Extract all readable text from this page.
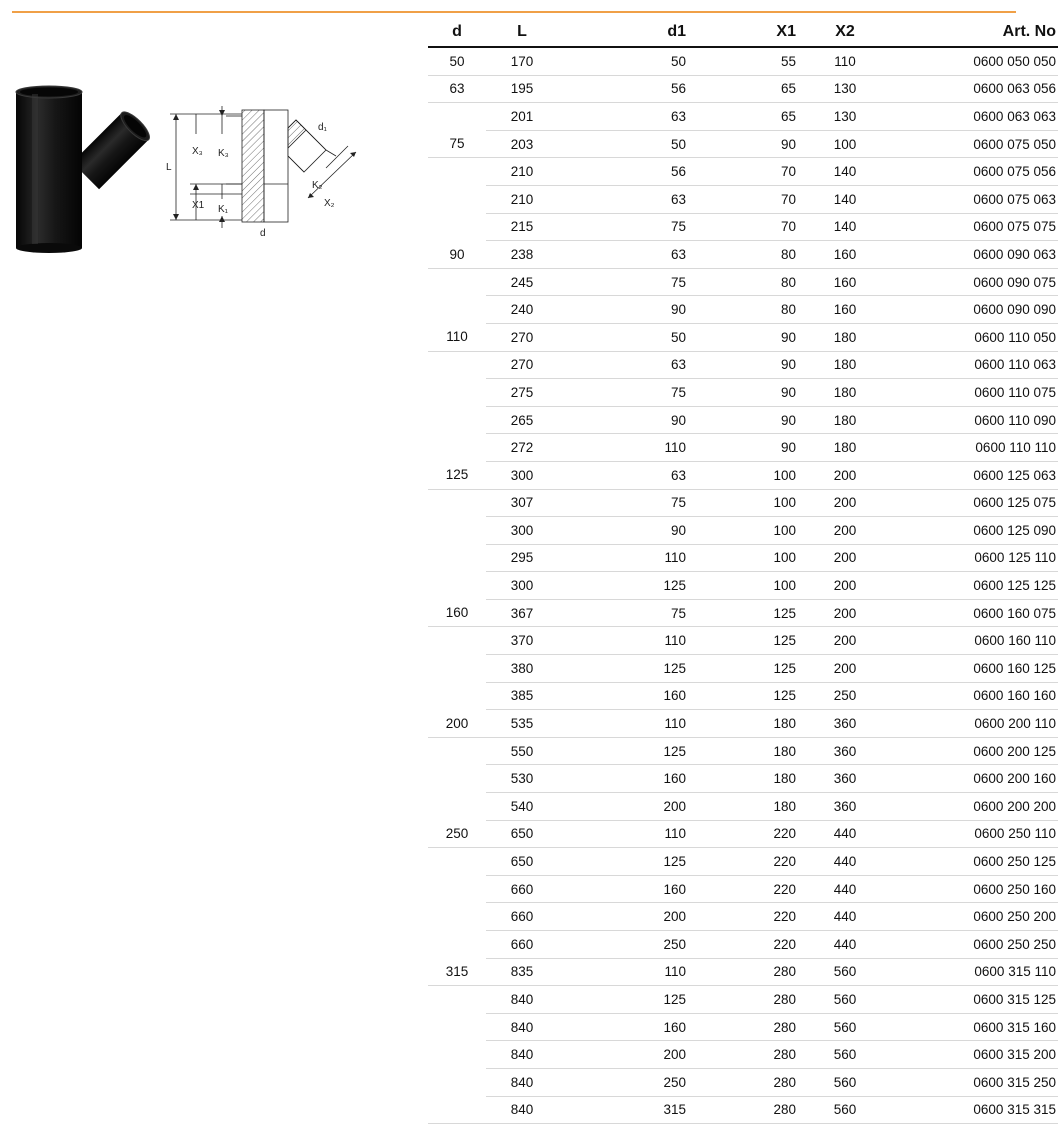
L
X₃ K₃
X1 K₁
d
d₁
K₂
X₂
d	L	d1	X1	X2	Art. No
50	170	50	55	110	0600 050 050
63	195	56	65	130	0600 063 056
	201	63	65	130	0600 063 063
75	203	50	90	100	0600 075 050
	210	56	70	140	0600 075 056
	210	63	70	140	0600 075 063
	215	75	70	140	0600 075 075
90	238	63	80	160	0600 090 063
	245	75	80	160	0600 090 075
	240	90	80	160	0600 090 090
110	270	50	90	180	0600 110 050
	270	63	90	180	0600 110 063
	275	75	90	180	0600 110 075
	265	90	90	180	0600 110 090
	272	110	90	180	0600 110 110
125	300	63	100	200	0600 125 063
	307	75	100	200	0600 125 075
	300	90	100	200	0600 125 090
	295	110	100	200	0600 125 110
	300	125	100	200	0600 125 125
160	367	75	125	200	0600 160 075
	370	110	125	200	0600 160 110
	380	125	125	200	0600 160 125
	385	160	125	250	0600 160 160
200	535	110	180	360	0600 200 110
	550	125	180	360	0600 200 125
	530	160	180	360	0600 200 160
	540	200	180	360	0600 200 200
250	650	110	220	440	0600 250 110
	650	125	220	440	0600 250 125
	660	160	220	440	0600 250 160
	660	200	220	440	0600 250 200
	660	250	220	440	0600 250 250
315	835	110	280	560	0600 315 110
	840	125	280	560	0600 315 125
	840	160	280	560	0600 315 160
	840	200	280	560	0600 315 200
	840	250	280	560	0600 315 250
	840	315	280	560	0600 315 315
